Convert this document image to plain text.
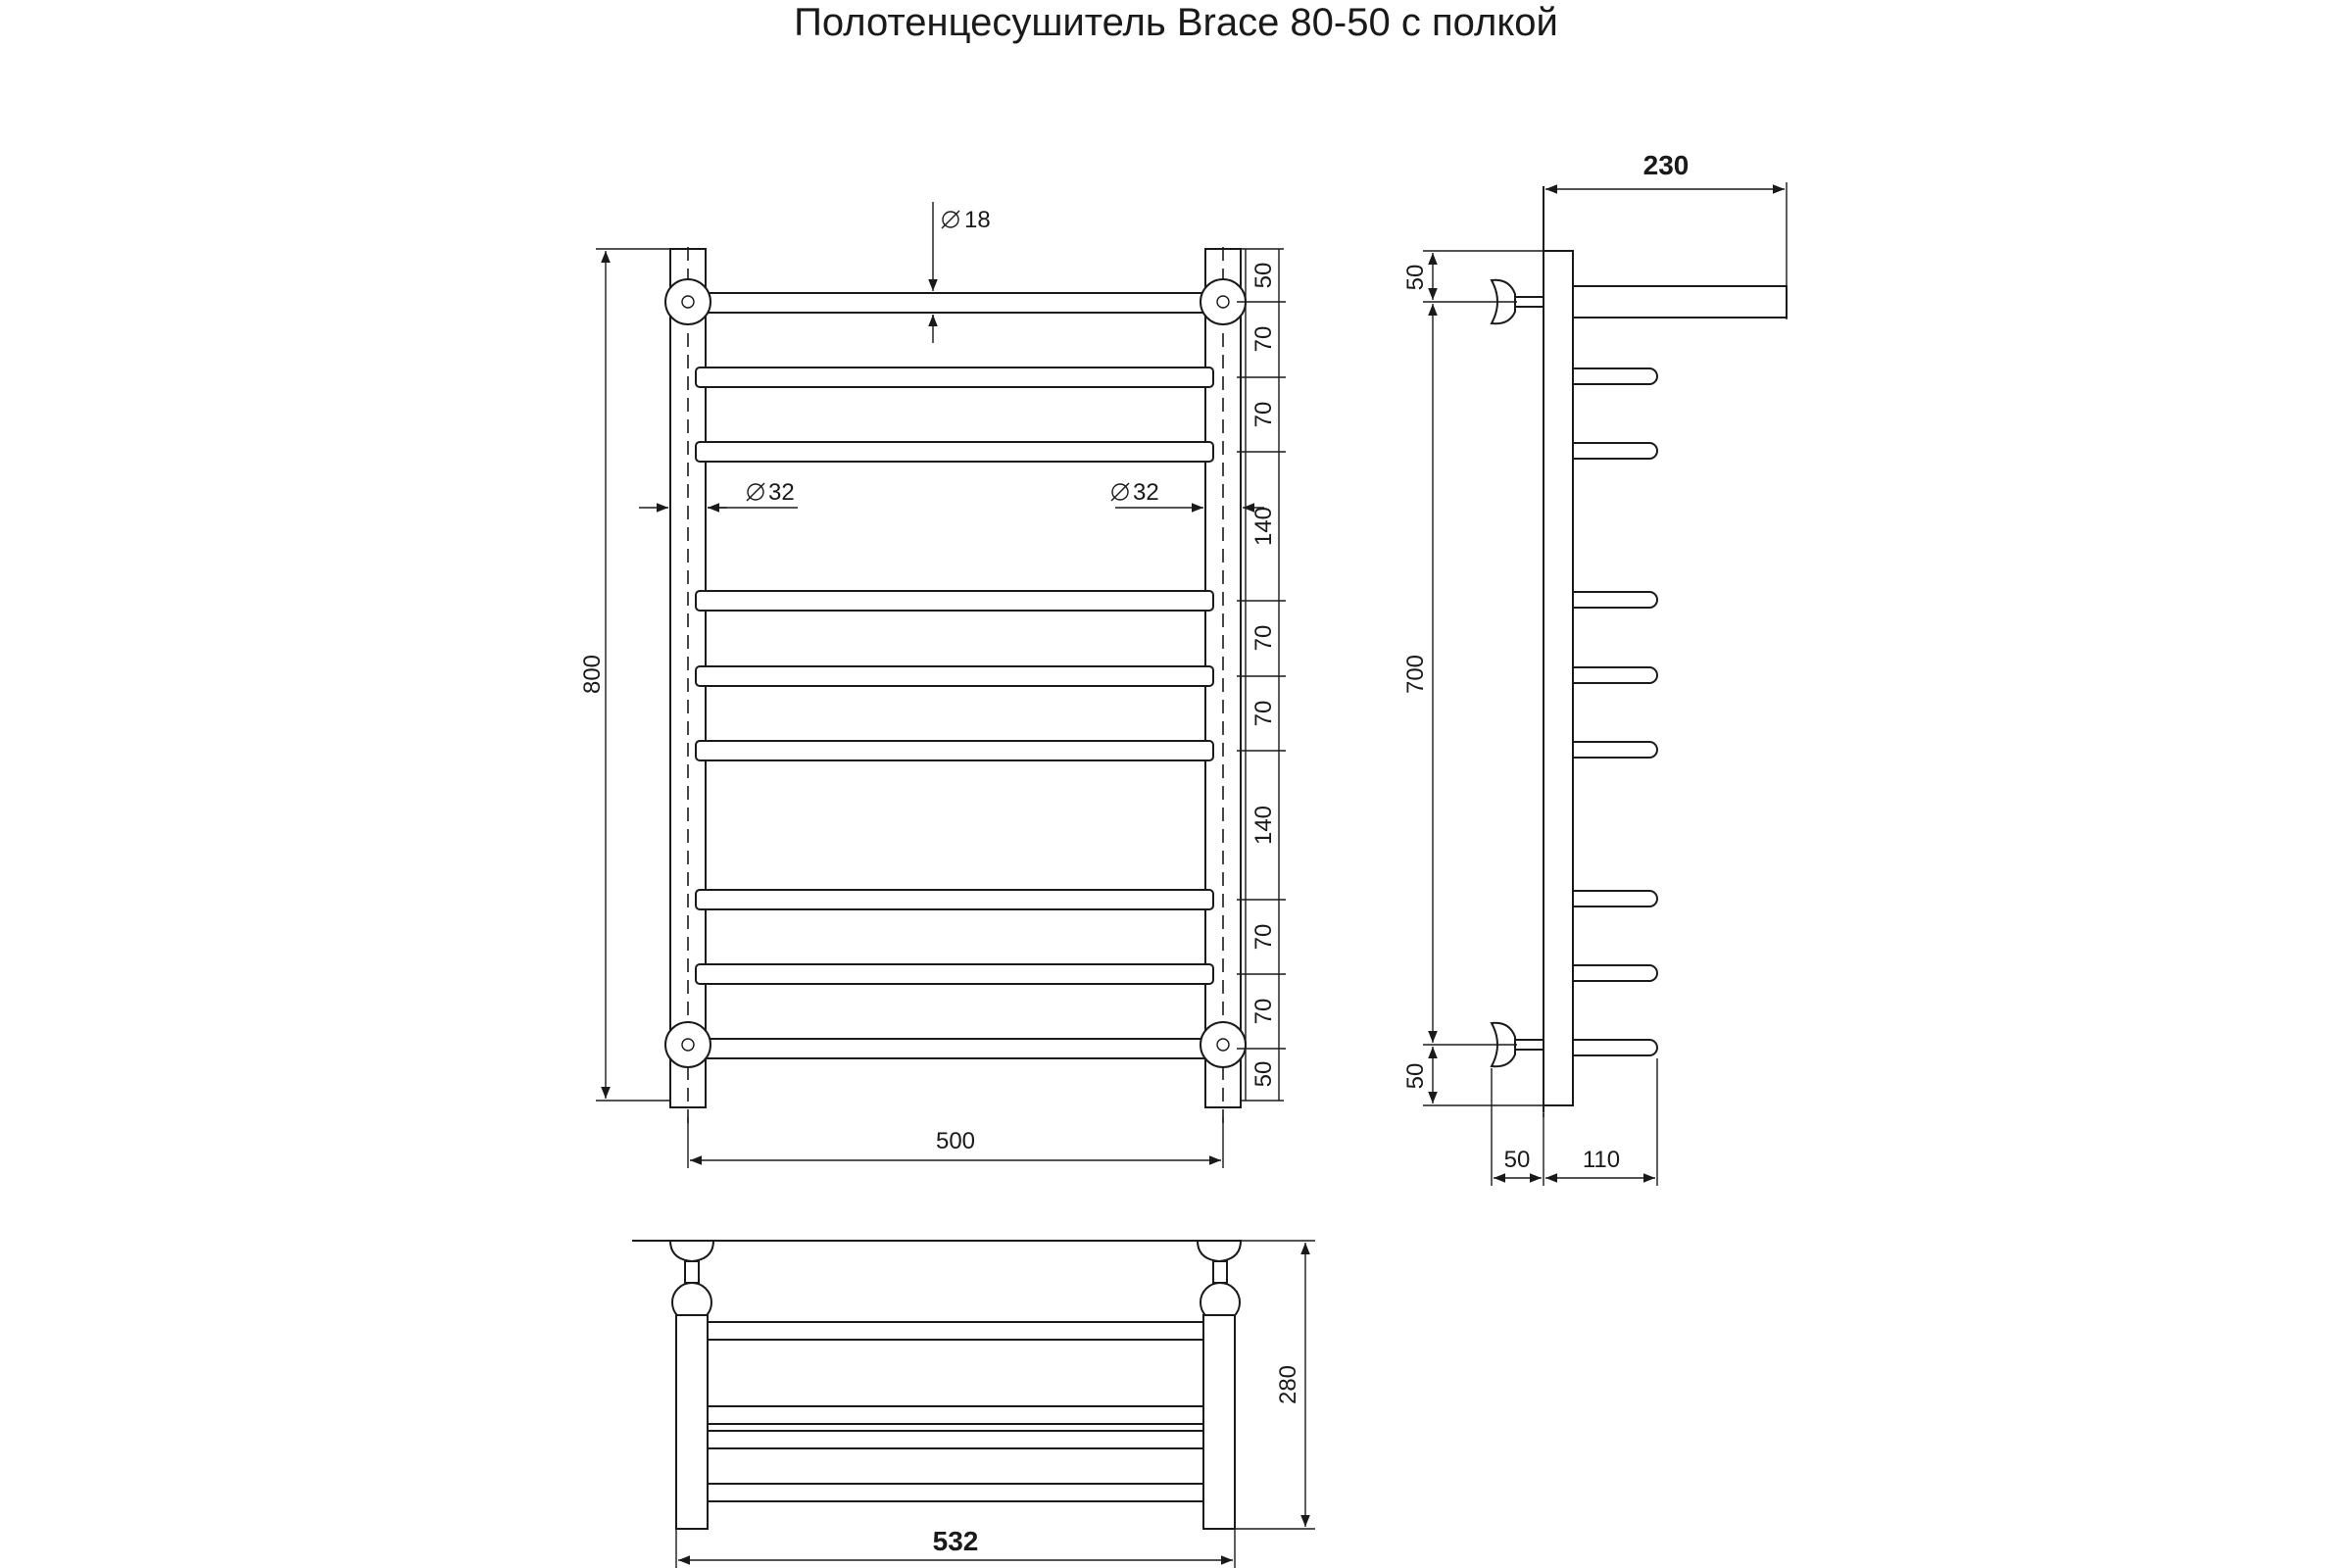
Полотенцесушитель Brace 80-50 с полкой
800
500
18
32	32
50
70
70
140
70
70
140
70
70
50
230
50
700
50
50 110
280
532
